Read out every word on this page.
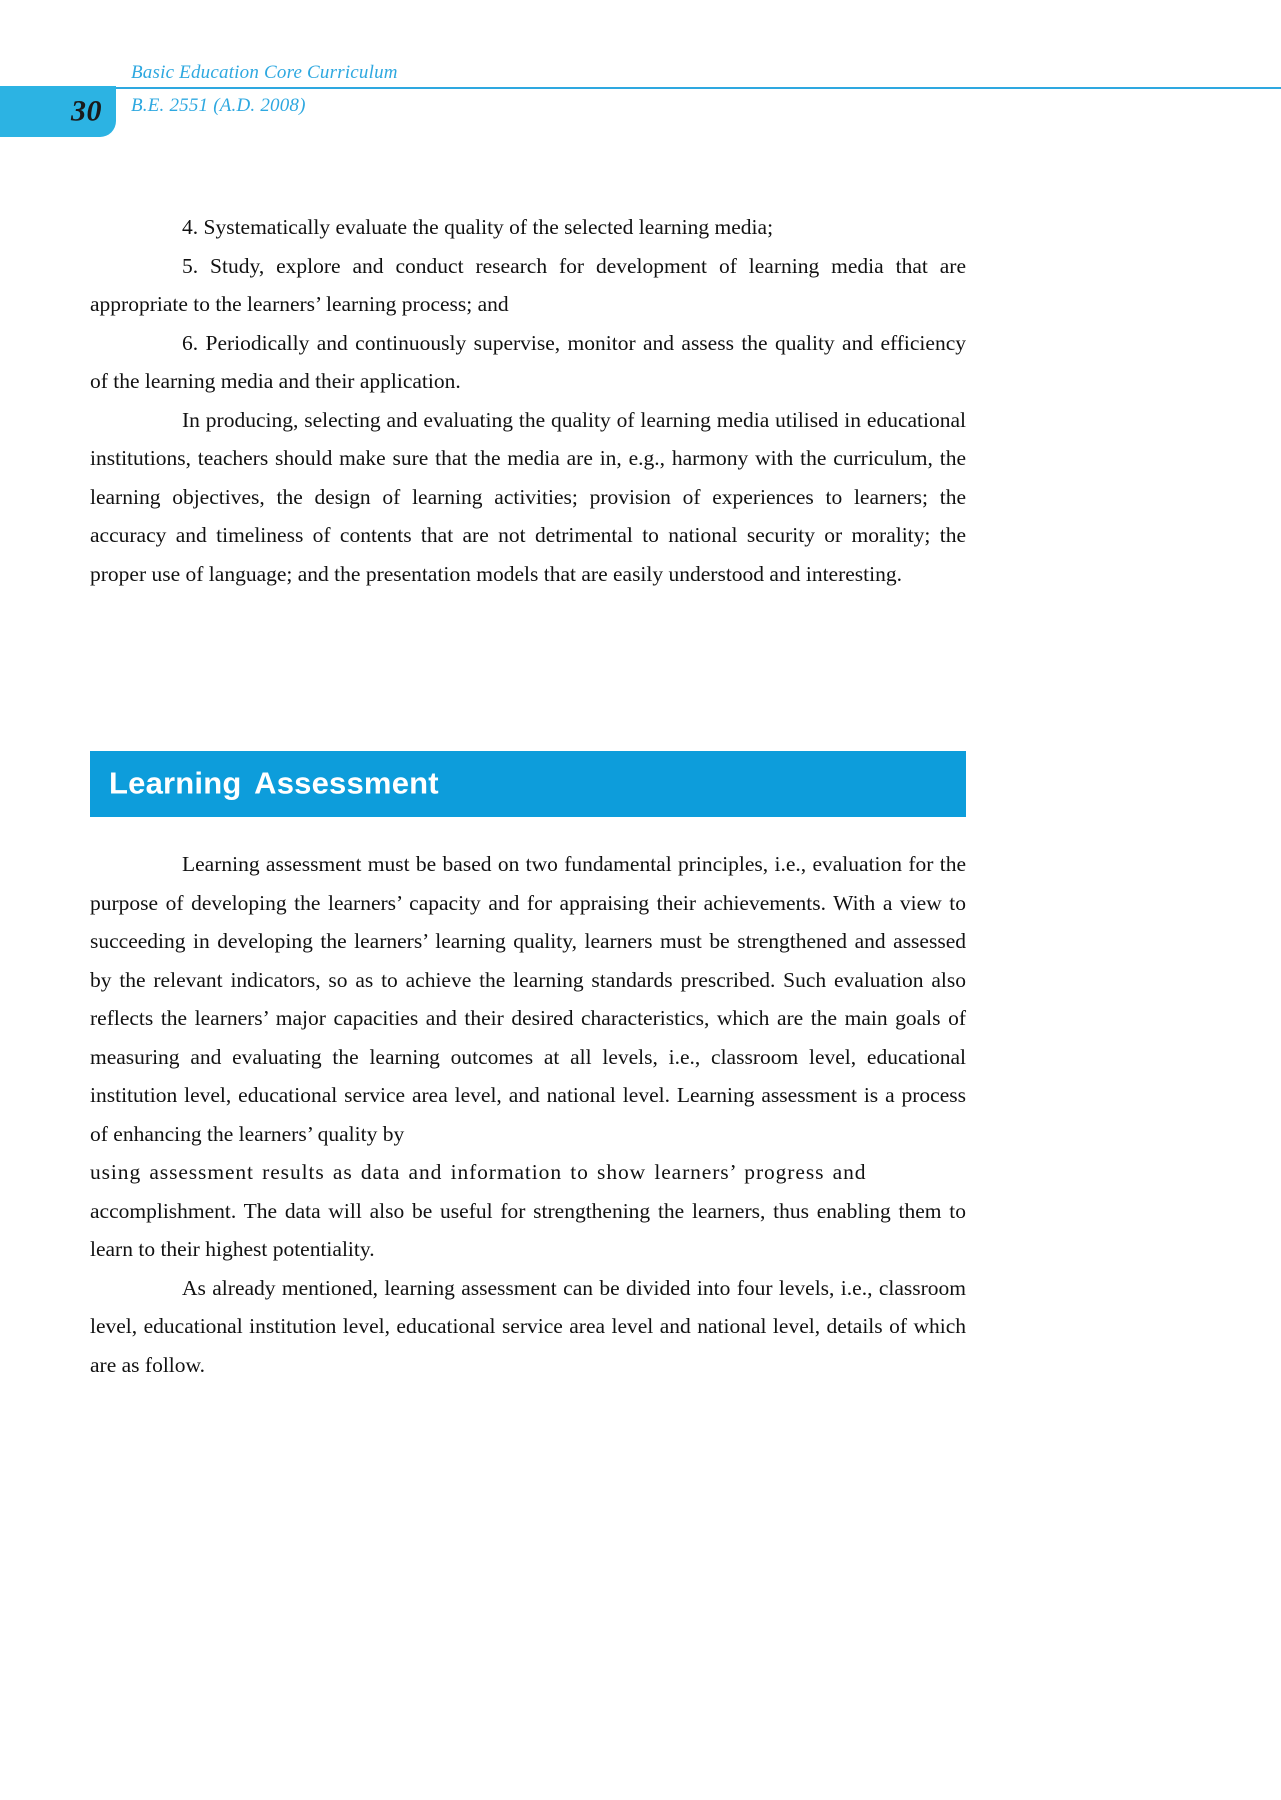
30
Basic Education Core Curriculum
B.E. 2551 (A.D. 2008)

4. Systematically evaluate the quality of the selected learning media;

5. Study, explore and conduct research for development of learning media that are appropriate to the learners’ learning process; and

6. Periodically and continuously supervise, monitor and assess the quality and efficiency of the learning media and their application.

In producing, selecting and evaluating the quality of learning media utilised in educational institutions, teachers should make sure that the media are in, e.g., harmony with the curriculum, the learning objectives, the design of learning activities; provision of experiences to learners; the accuracy and timeliness of contents that are not detrimental to national security or morality; the proper use of language; and the presentation models that are easily understood and interesting.

Learning Assessment

Learning assessment must be based on two fundamental principles, i.e., evaluation for the purpose of developing the learners’ capacity and for appraising their achievements. With a view to succeeding in developing the learners’ learning quality, learners must be strengthened and assessed by the relevant indicators, so as to achieve the learning standards prescribed. Such evaluation also reflects the learners’ major capacities and their desired characteristics, which are the main goals of measuring and evaluating the learning outcomes at all levels, i.e., classroom level, educational institution level, educational service area level, and national level. Learning assessment is a process of enhancing the learners’ quality by

using assessment results as data and information to show learners’ progress and

accomplishment. The data will also be useful for strengthening the learners, thus enabling them to learn to their highest potentiality.

As already mentioned, learning assessment can be divided into four levels, i.e., classroom level, educational institution level, educational service area level and national level, details of which are as follow.
